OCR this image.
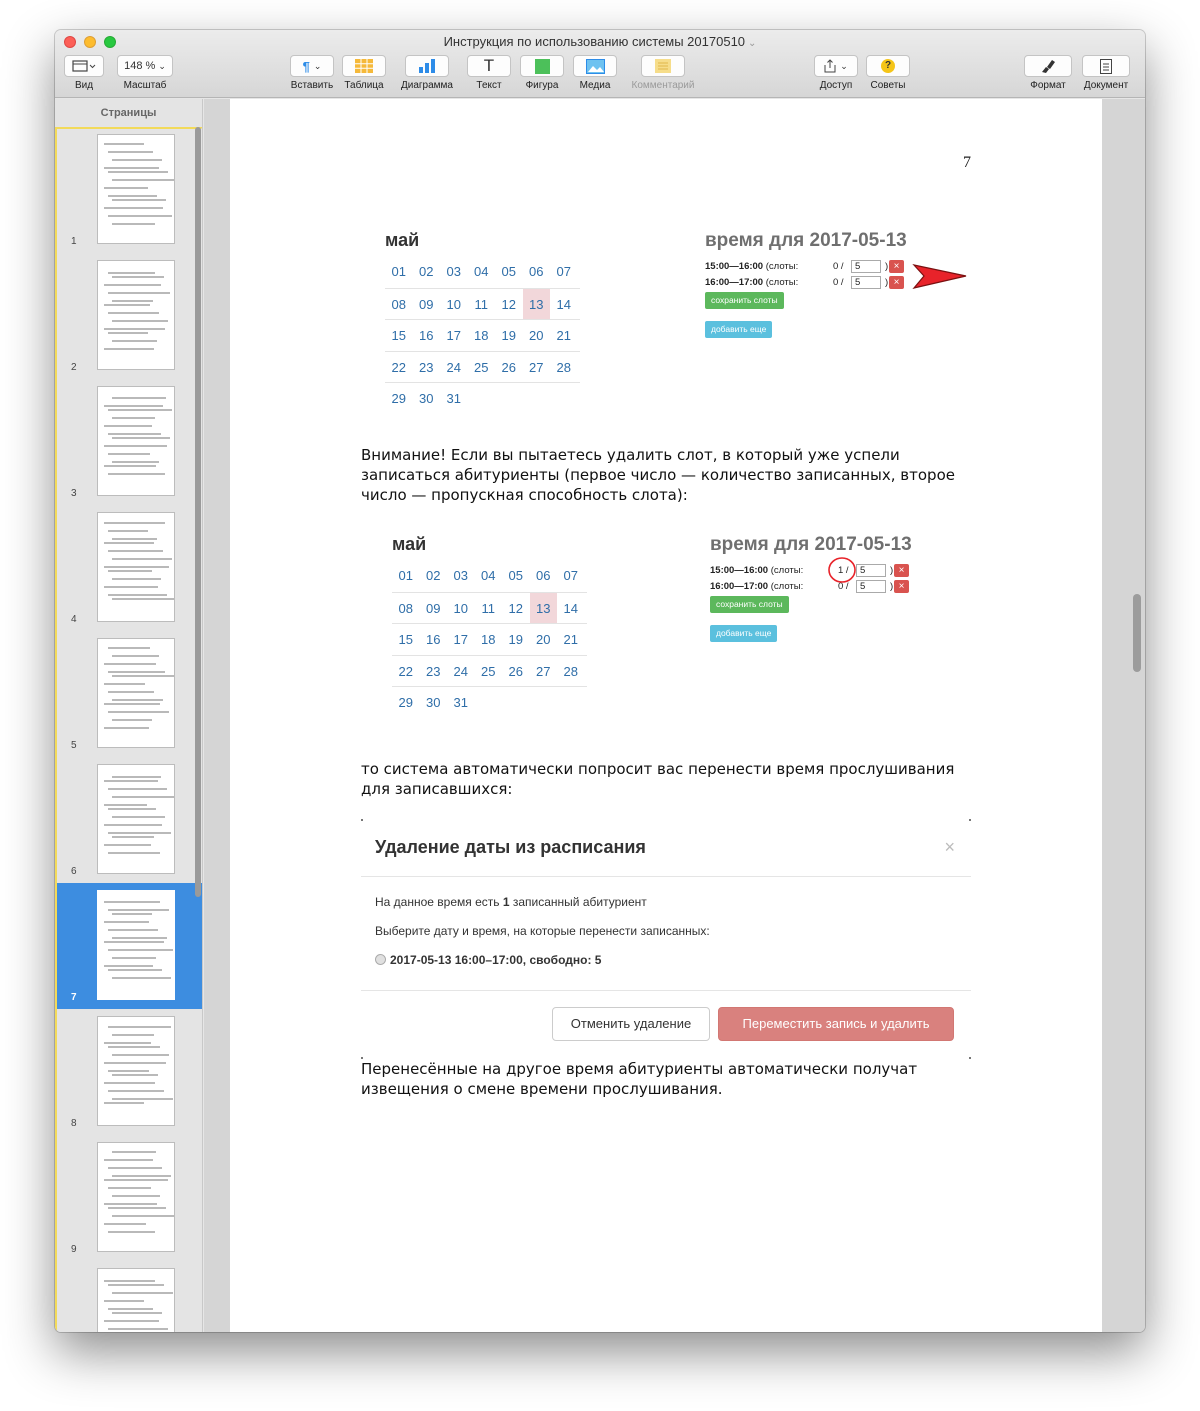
Инструкция по использованию системы 20170510 ⌄
Вид
148 % ⌄
Масштаб
¶ ⌄
Вставить	Таблица	Диаграмма
T
Текст	Фигура	Медиа	Комментарий
⌄
Доступ
?
Советы	Формат	Документ
Страницы
1
2
3
4
5
6
7
8
9
7
май
01	02	03	04	05	06	07
08	09	10	11	12	13	14
15	16	17	18	19	20	21
22	23	24	25	26	27	28
29	30	31
время для 2017-05-13
15:00—16:00 (слоты:	0 /	5	) ×
16:00—17:00 (слоты:	0 /	5	) ×
сохранить слоты
добавить еще
Внимание! Если вы пытаетесь удалить слот, в который уже успели записаться абитуриенты (первое число — количество записанных, второе число — пропускная способность слота):
май
01	02	03	04	05	06	07
08	09	10	11	12	13	14
15	16	17	18	19	20	21
22	23	24	25	26	27	28
29	30	31
время для 2017-05-13
15:00—16:00 (слоты:	1 /	5	) ×
16:00—17:00 (слоты:	0 /	5	) ×
сохранить слоты
добавить еще
то система автоматически попросит вас перенести время прослушивания для записавшихся:
Удаление даты из расписания	×
На данное время есть 1 записанный абитуриент
Выберите дату и время, на которые перенести записанных:
2017-05-13 16:00–17:00, свободно: 5
Отменить удаление	Переместить запись и удалить
Перенесённые на другое время абитуриенты автоматически получат извещения о смене времени прослушивания.
